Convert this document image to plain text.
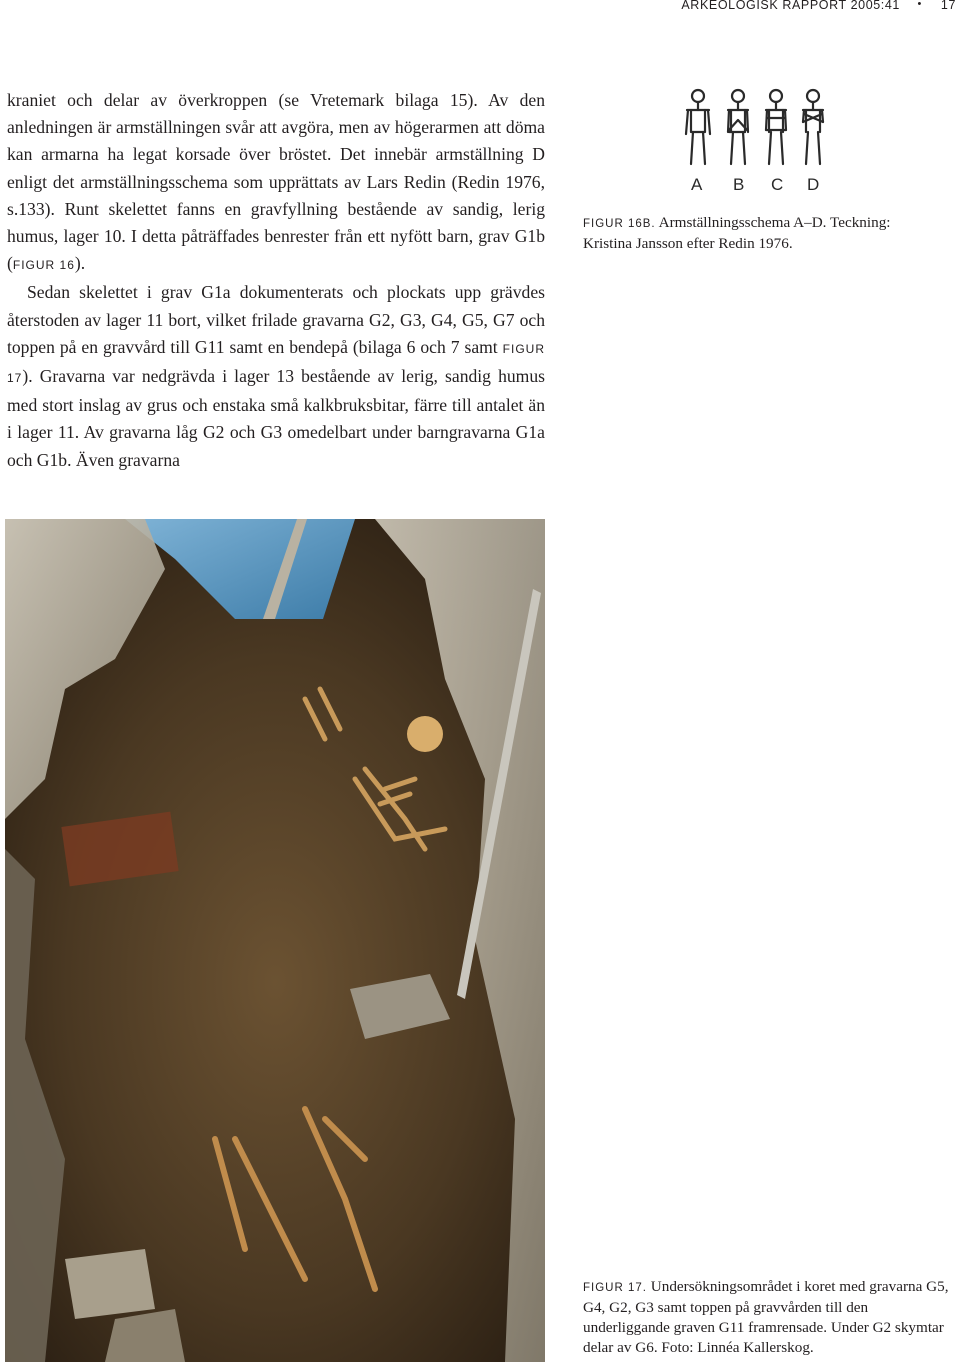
ARKEOLOGISK RAPPORT 2005:41 • 17

kraniet och delar av överkroppen (se Vretemark bilaga 15). Av den anledningen är armställningen svår att avgöra, men av högerarmen att döma kan armarna ha legat korsade över bröstet. Det innebär armställning D enligt det armställningsschema som upprättats av Lars Redin (Redin 1976, s.133). Runt skelettet fanns en gravfyllning bestående av sandig, lerig humus, lager 10. I detta påträffades benrester från ett nyfött barn, grav G1b (FIGUR 16).

Sedan skelettet i grav G1a dokumenterats och plockats upp grävdes återstoden av lager 11 bort, vilket frilade gravarna G2, G3, G4, G5, G7 och toppen på en gravvård till G11 samt en bendepå (bilaga 6 och 7 samt FIGUR 17). Gravarna var nedgrävda i lager 13 bestående av lerig, sandig humus med stort inslag av grus och enstaka små kalkbruksbitar, färre till antalet än i lager 11. Av gravarna låg G2 och G3 omedelbart under barngravarna G1a och G1b. Även gravarna

A B C D
FIGUR 16B. Armställningsschema A–D. Teckning: Kristina Jansson efter Redin 1976.
FIGUR 17. Undersökningsområdet i koret med gravarna G5, G4, G2, G3 samt toppen på gravvården till den underliggande graven G11 framrensade. Under G2 skymtar delar av G6. Foto: Linnéa Kallerskog.
